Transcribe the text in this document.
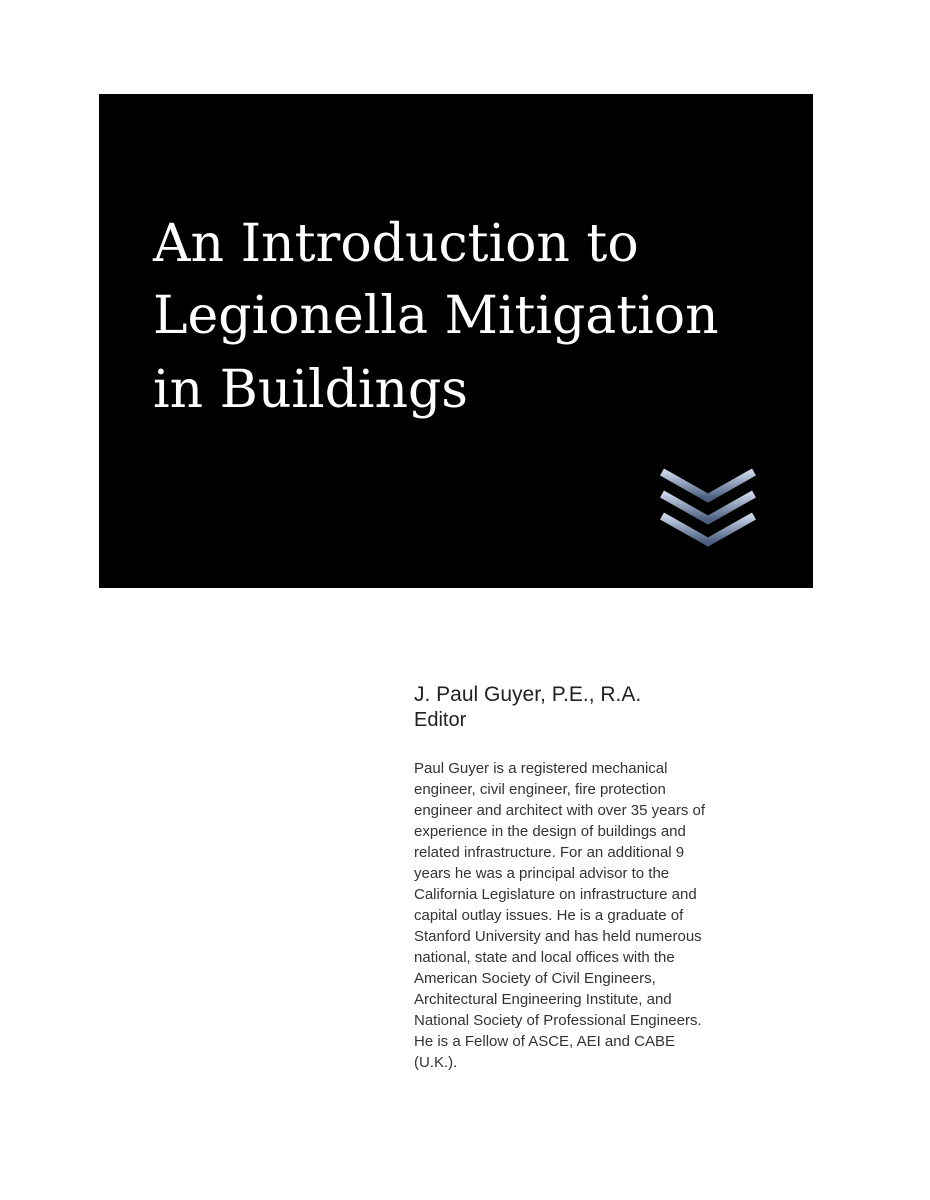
An Introduction to
Legionella Mitigation
in Buildings
J. Paul Guyer, P.E., R.A.
Editor
Paul Guyer is a registered mechanical
engineer, civil engineer, fire protection
engineer and architect with over 35 years of
experience in the design of buildings and
related infrastructure. For an additional 9
years he was a principal advisor to the
California Legislature on infrastructure and
capital outlay issues. He is a graduate of
Stanford University and has held numerous
national, state and local offices with the
American Society of Civil Engineers,
Architectural Engineering Institute, and
National Society of Professional Engineers.
He is a Fellow of ASCE, AEI and CABE
(U.K.).
